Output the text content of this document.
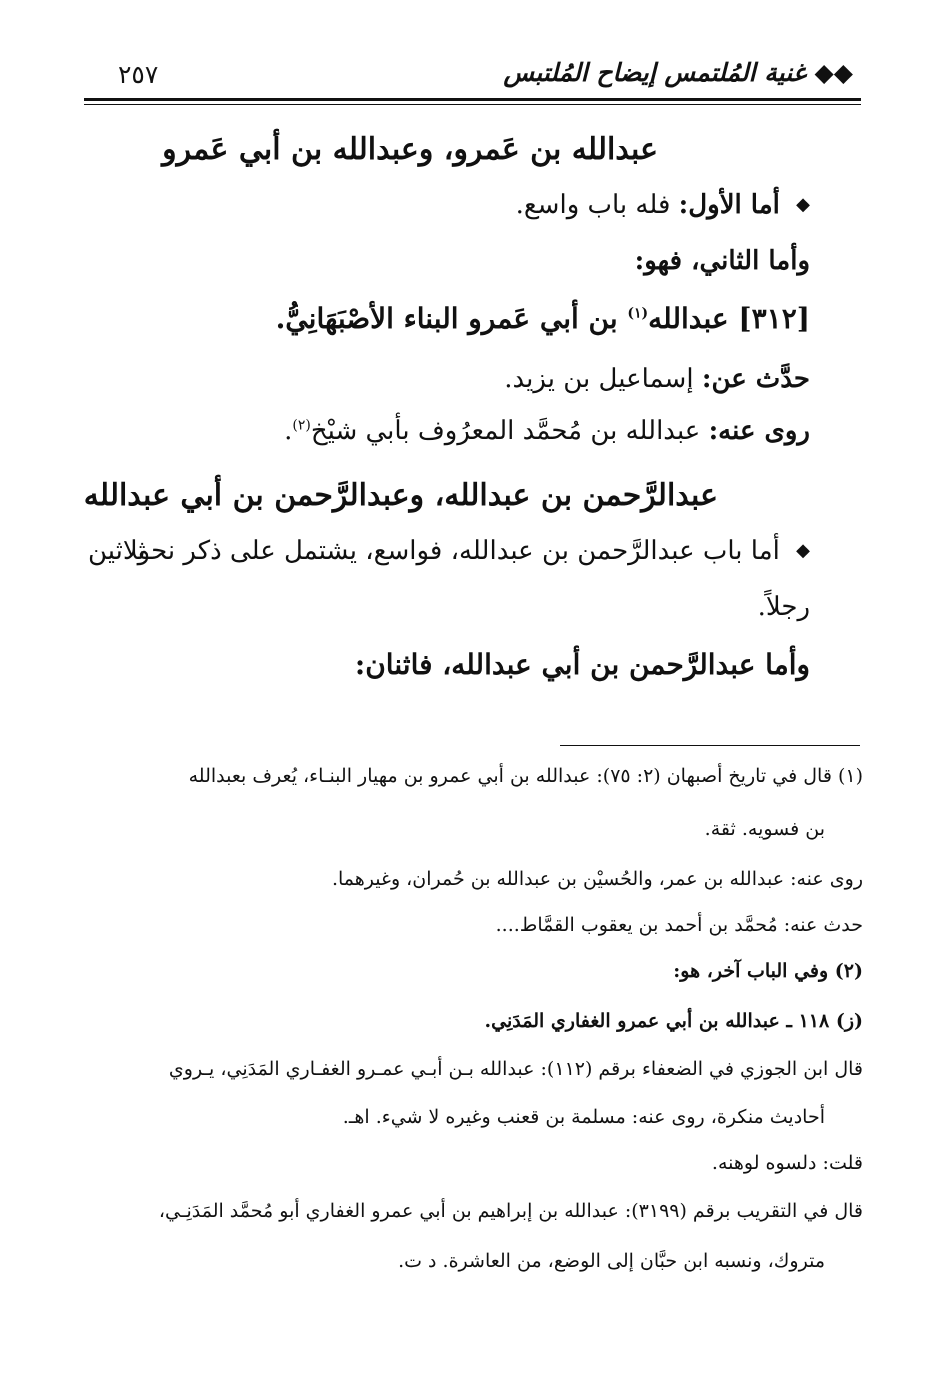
◆◆ غنية المُلتمس إيضاح المُلتبس
٢٥٧
عبدالله بن عَمرو، وعبدالله بن أبي عَمرو
◆ أما الأول: فله باب واسع.
وأما الثاني، فهو:
[٣١٢] عبدالله$^{(١)}$ بن أبي عَمرو البناء الأصْبَهَانِيُّ.
حدَّث عن: إسماعيل بن يزيد.
روى عنه: عبدالله بن مُحمَّد المعرُوف بأبي شيْخ$^{(٢)}$.
عبدالرَّحمن بن عبدالله، وعبدالرَّحمن بن أبي عبدالله
◆ أما باب عبدالرَّحمن بن عبدالله، فواسع، يشتمل على ذكر نحو
ثلاثين
رجلاً.
وأما عبدالرَّحمن بن أبي عبدالله، فاثنان:
(١) قال في تاريخ أصبهان (٢: ٧٥): عبدالله بن أبي عمرو بن مهيار البنـاء، يُعرف بعبدالله
بن فسويه. ثقة.
روى عنه: عبدالله بن عمر، والحُسيْن بن عبدالله بن حُمران، وغيرهما.
حدث عنه: مُحمَّد بن أحمد بن يعقوب القمَّاط....
(٢) وفي الباب آخر، هو:
(ز) ١١٨ ـ عبدالله بن أبي عمرو الغفاري المَدَنِي.
قال ابن الجوزي في الضعفاء برقم (١١٢): عبدالله بـن أبـي عمـرو الغفـاري المَدَنِي، يـروي
أحاديث منكرة، روى عنه: مسلمة بن قعنب وغيره لا شيء. اهـ.
قلت: دلسوه لوهنه.
قال في التقريب برقم (٣١٩٩): عبدالله بن إبراهيم بن أبي عمرو الغفاري أبو مُحمَّد المَدَنِـي،
متروك، ونسبه ابن حبَّان إلى الوضع، من العاشرة. د ت.
